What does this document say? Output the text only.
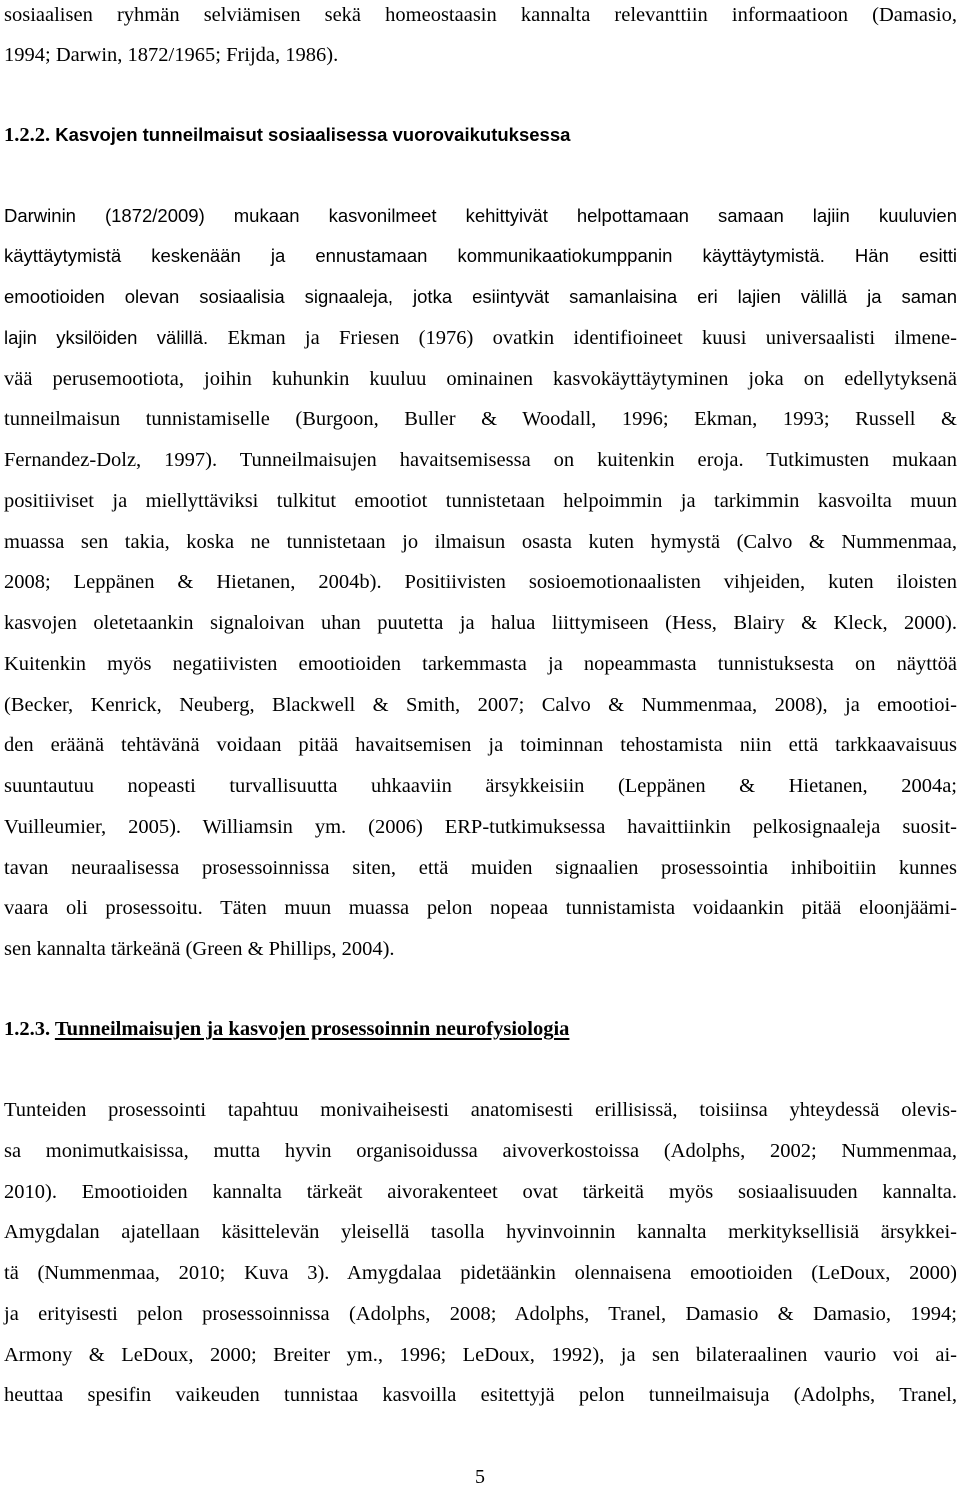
sosiaalisen ryhmän selviämisen sekä homeostaasin kannalta relevanttiin informaatioon (Damasio,
1994; Darwin, 1872/1965; Frijda, 1986).
1.2.2. Kasvojen tunneilmaisut sosiaalisessa vuorovaikutuksessa
Darwinin (1872/2009) mukaan kasvonilmeet kehittyivät helpottamaan samaan lajiin kuuluvien
käyttäytymistä keskenään ja ennustamaan kommunikaatiokumppanin käyttäytymistä. Hän esitti
emootioiden olevan sosiaalisia signaaleja, jotka esiintyvät samanlaisina eri lajien välillä ja saman
lajin yksilöiden välillä. Ekman ja Friesen (1976) ovatkin identifioineet kuusi universaalisti ilmene-
vää perusemootiota, joihin kuhunkin kuuluu ominainen kasvokäyttäytyminen joka on edellytyksenä
tunneilmaisun tunnistamiselle (Burgoon, Buller & Woodall, 1996; Ekman, 1993; Russell &
Fernandez-Dolz, 1997). Tunneilmaisujen havaitsemisessa on kuitenkin eroja. Tutkimusten mukaan
positiiviset ja miellyttäviksi tulkitut emootiot tunnistetaan helpoimmin ja tarkimmin kasvoilta muun
muassa sen takia, koska ne tunnistetaan jo ilmaisun osasta kuten hymystä (Calvo & Nummenmaa,
2008; Leppänen & Hietanen, 2004b). Positiivisten sosioemotionaalisten vihjeiden, kuten iloisten
kasvojen oletetaankin signaloivan uhan puutetta ja halua liittymiseen (Hess, Blairy & Kleck, 2000).
Kuitenkin myös negatiivisten emootioiden tarkemmasta ja nopeammasta tunnistuksesta on näyttöä
(Becker, Kenrick, Neuberg, Blackwell & Smith, 2007; Calvo & Nummenmaa, 2008), ja emootioi-
den eräänä tehtävänä voidaan pitää havaitsemisen ja toiminnan tehostamista niin että tarkkaavaisuus
suuntautuu nopeasti turvallisuutta uhkaaviin ärsykkeisiin (Leppänen & Hietanen, 2004a;
Vuilleumier, 2005). Williamsin ym. (2006) ERP-tutkimuksessa havaittiinkin pelkosignaaleja suosit-
tavan neuraalisessa prosessoinnissa siten, että muiden signaalien prosessointia inhiboitiin kunnes
vaara oli prosessoitu. Täten muun muassa pelon nopeaa tunnistamista voidaankin pitää eloonjäämi-
sen kannalta tärkeänä (Green & Phillips, 2004).
1.2.3. Tunneilmaisujen ja kasvojen prosessoinnin neurofysiologia
Tunteiden prosessointi tapahtuu monivaiheisesti anatomisesti erillisissä, toisiinsa yhteydessä olevis-
sa monimutkaisissa, mutta hyvin organisoidussa aivoverkostoissa (Adolphs, 2002; Nummenmaa,
2010). Emootioiden kannalta tärkeät aivorakenteet ovat tärkeitä myös sosiaalisuuden kannalta.
Amygdalan ajatellaan käsittelevän yleisellä tasolla hyvinvoinnin kannalta merkityksellisiä ärsykkei-
tä (Nummenmaa, 2010; Kuva 3). Amygdalaa pidetäänkin olennaisena emootioiden (LeDoux, 2000)
ja erityisesti pelon prosessoinnissa (Adolphs, 2008; Adolphs, Tranel, Damasio & Damasio, 1994;
Armony & LeDoux, 2000; Breiter ym., 1996; LeDoux, 1992), ja sen bilateraalinen vaurio voi ai-
heuttaa spesifin vaikeuden tunnistaa kasvoilla esitettyjä pelon tunneilmaisuja (Adolphs, Tranel,
5
